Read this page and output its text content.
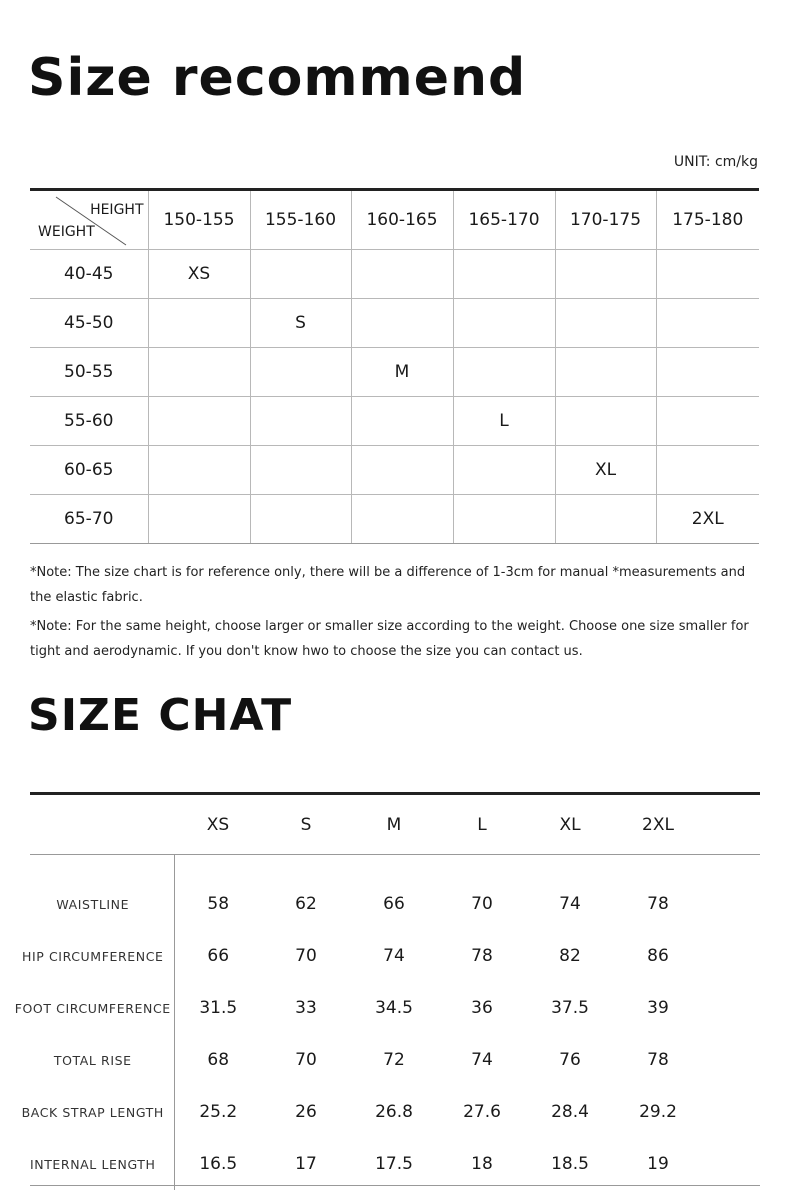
Size recommend
UNIT: cm/kg
HEIGHT
WEIGHT	150-155	155-160	160-165	165-170	170-175	175-180
40-45	XS					
45-50		S				
50-55			M			
55-60				L		
60-65					XL	
65-70						2XL

*Note: The size chart is for reference only, there will be a difference of 1-3cm for manual *measurements and the elastic fabric.

*Note: For the same height, choose larger or smaller size according to the weight. Choose one size smaller for tight and aerodynamic. If you don't know hwo to choose the size you can contact us.

SIZE CHAT
	XS	S	M	L	XL	2XL	
WAISTLINE	58	62	66	70	74	78	
HIP CIRCUMFERENCE	66	70	74	78	82	86	
FOOT CIRCUMFERENCE	31.5	33	34.5	36	37.5	39	
TOTAL RISE	68	70	72	74	76	78	
BACK STRAP LENGTH	25.2	26	26.8	27.6	28.4	29.2	
INTERNAL LENGTH	16.5	17	17.5	18	18.5	19	
